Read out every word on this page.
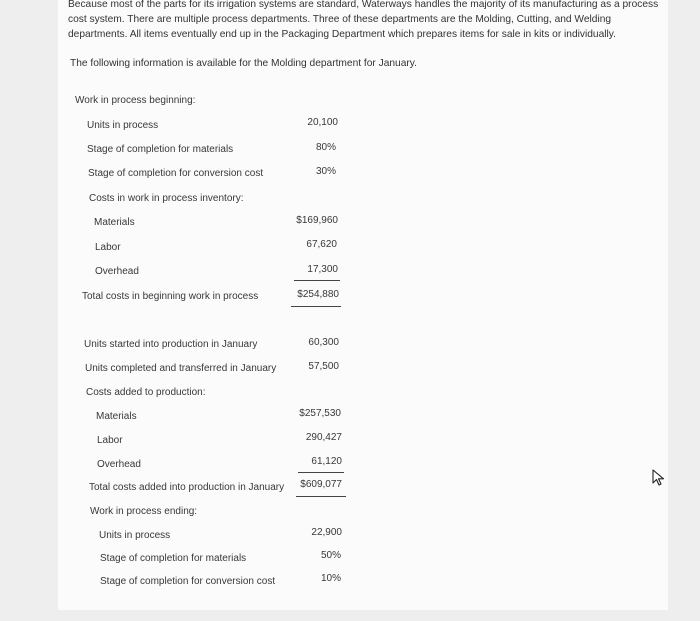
Because most of the parts for its irrigation systems are standard, Waterways handles the majority of its manufacturing as a process

cost system. There are multiple process departments. Three of these departments are the Molding, Cutting, and Welding

departments. All items eventually end up in the Packaging Department which prepares items for sale in kits or individually.

The following information is available for the Molding department for January.
Work in process beginning:
Units in process	20,100
Stage of completion for materials	80%
Stage of completion for conversion cost	30%
Costs in work in process inventory:
Materials	$169,960
Labor	67,620
Overhead	17,300
Total costs in beginning work in process	$254,880
Units started into production in January	60,300
Units completed and transferred in January	57,500
Costs added to production:
Materials	$257,530
Labor	290,427
Overhead	61,120
Total costs added into production in January	$609,077
Work in process ending:
Units in process	22,900
Stage of completion for materials	50%
Stage of completion for conversion cost	10%
